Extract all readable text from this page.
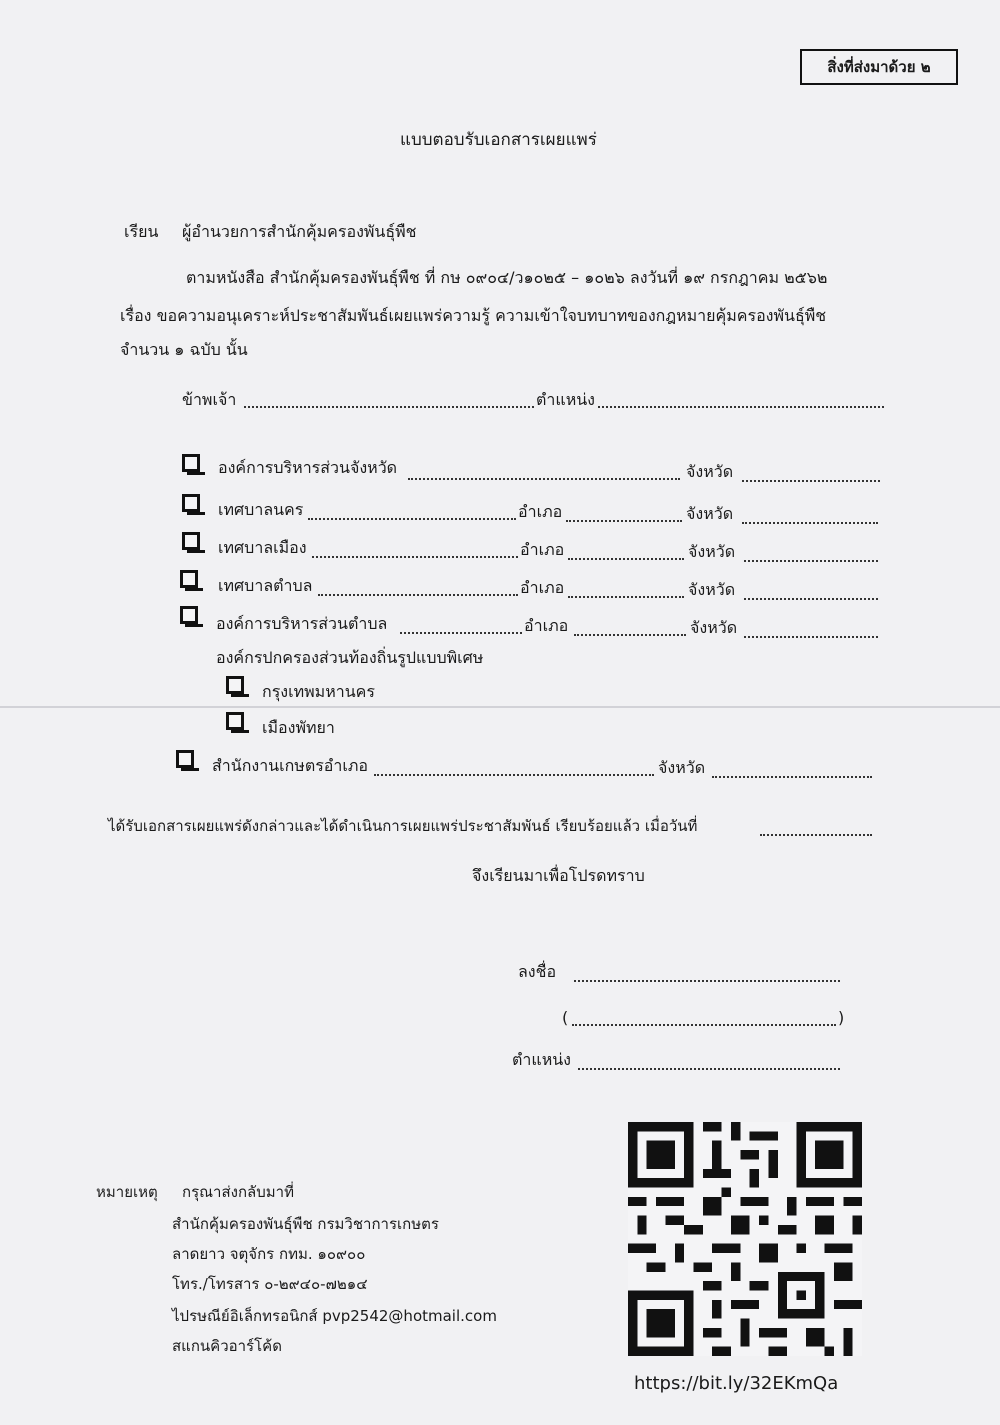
สิ่งที่ส่งมาด้วย ๒
แบบตอบรับเอกสารเผยแพร่
เรียน ผู้อำนวยการสำนักคุ้มครองพันธุ์พืช
ตามหนังสือ สำนักคุ้มครองพันธุ์พืช ที่ กษ ๐๙๐๔/ว๑๐๒๕ – ๑๐๒๖ ลงวันที่ ๑๙ กรกฎาคม ๒๕๖๒
เรื่อง ขอความอนุเคราะห์ประชาสัมพันธ์เผยแพร่ความรู้ ความเข้าใจบทบาทของกฎหมายคุ้มครองพันธุ์พืช
จำนวน ๑ ฉบับ นั้น
ข้าพเจ้า	ตำแหน่ง
องค์การบริหารส่วนจังหวัด	จังหวัด
เทศบาลนคร	อำเภอ	จังหวัด
เทศบาลเมือง	อำเภอ	จังหวัด
เทศบาลตำบล	อำเภอ	จังหวัด
องค์การบริหารส่วนตำบล	อำเภอ	จังหวัด
องค์กรปกครองส่วนท้องถิ่นรูปแบบพิเศษ
กรุงเทพมหานคร
เมืองพัทยา
สำนักงานเกษตรอำเภอ	จังหวัด
ได้รับเอกสารเผยแพร่ดังกล่าวและได้ดำเนินการเผยแพร่ประชาสัมพันธ์ เรียบร้อยแล้ว เมื่อวันที่
จึงเรียนมาเพื่อโปรดทราบ
ลงชื่อ
(	)
ตำแหน่ง
หมายเหตุ กรุณาส่งกลับมาที่
สำนักคุ้มครองพันธุ์พืช กรมวิชาการเกษตร
ลาดยาว จตุจักร กทม. ๑๐๙๐๐
โทร./โทรสาร ๐-๒๙๔๐-๗๒๑๔
ไปรษณีย์อิเล็กทรอนิกส์ pvp2542@hotmail.com
สแกนคิวอาร์โค้ด
https://bit.ly/32EKmQa
